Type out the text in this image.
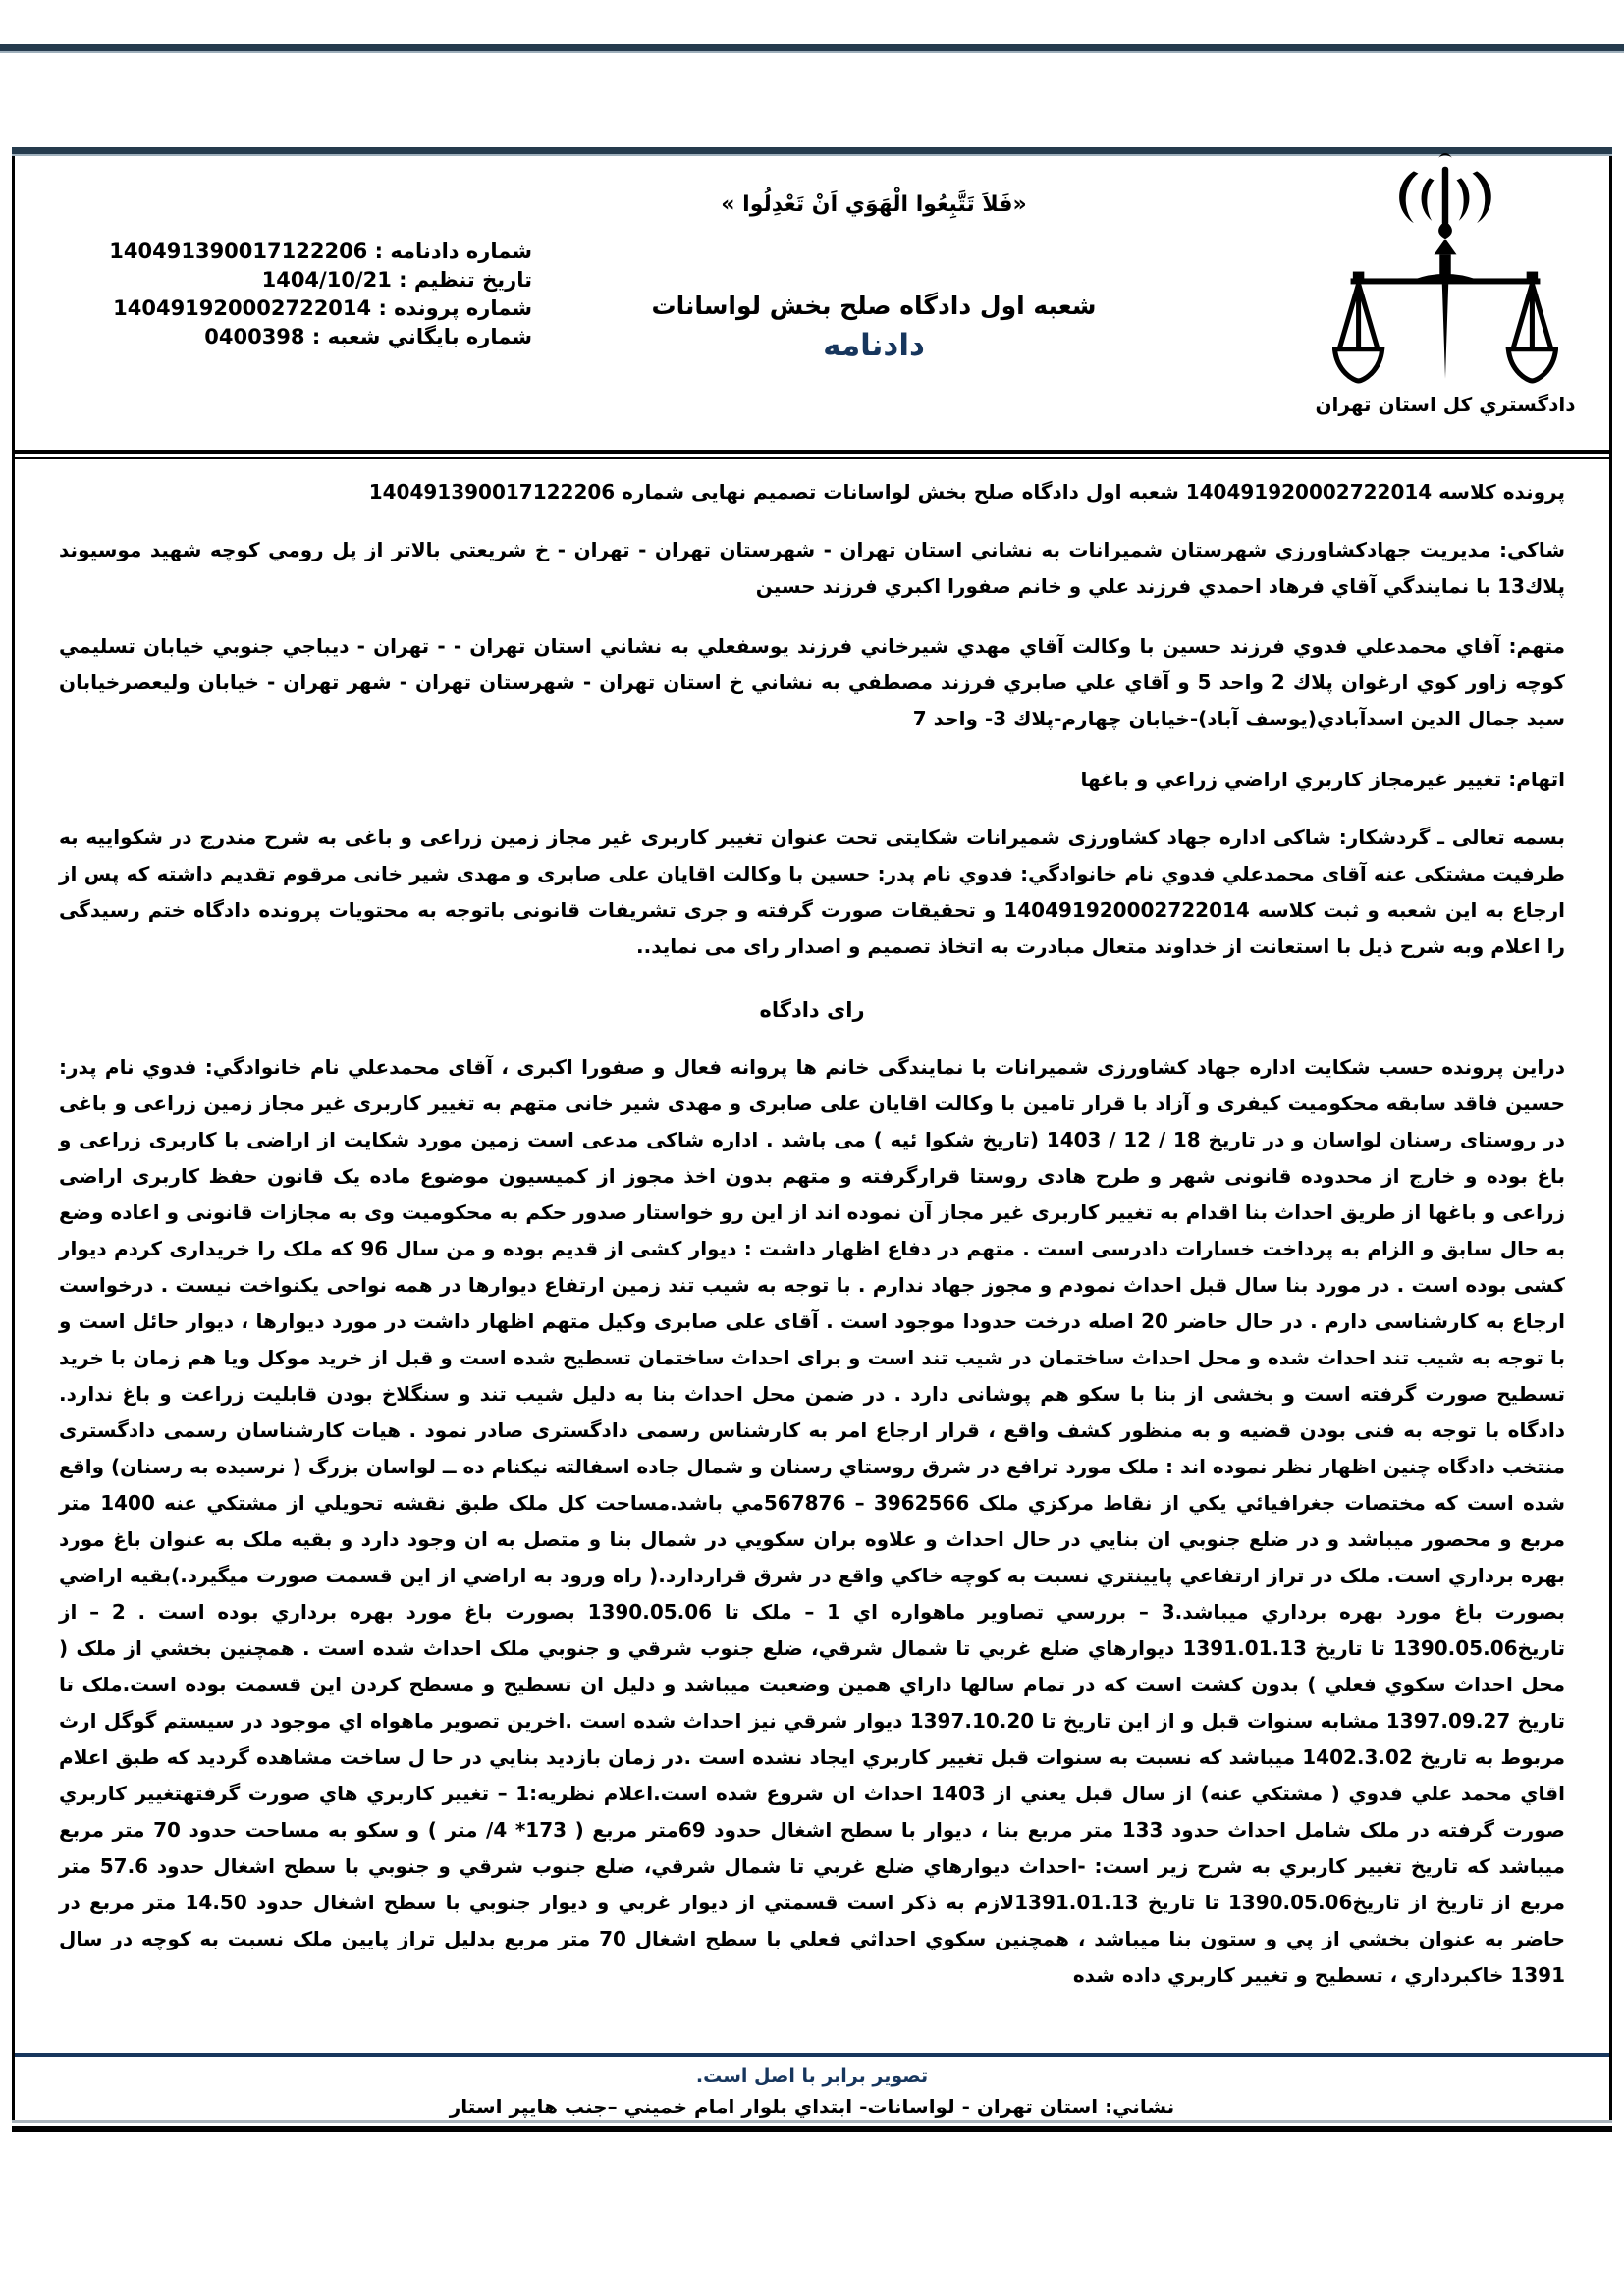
شماره دادنامه : 140491390017122206
تاريخ تنظيم : 1404/10/21
شماره پرونده : 140491920002722014
شماره بايگاني شعبه : 0400398
«فَلاَ تَتَّبِعُوا الْهَوَي اَنْ تَعْدِلُوا »
شعبه اول دادگاه صلح بخش لواسانات
دادنامه
دادگستري كل استان تهران

پرونده كلاسه 140491920002722014 شعبه اول دادگاه صلح بخش لواسانات تصميم نهايی شماره 140491390017122206

شاكي: مديريت جهادكشاورزي شهرستان شميرانات به نشاني استان تهران - شهرستان تهران - تهران - خ شريعتي بالاتر از پل رومي كوچه شهيد موسيوند پلاك13 با نمايندگي آقاي فرهاد احمدي فرزند علي و خانم صفورا اكبري فرزند حسين

متهم: آقاي محمدعلي فدوي فرزند حسين با وكالت آقاي مهدي شيرخاني فرزند يوسفعلي به نشاني استان تهران - - تهران - ديباجي جنوبي خيابان تسليمي كوچه زاور كوي ارغوان پلاك 2 واحد 5 و آقاي علي صابري فرزند مصطفي به نشاني خ استان تهران - شهرستان تهران - شهر تهران - خيابان وليعصرخيابان سيد جمال الدين اسدآبادي(يوسف آباد)-خيابان چهارم-پلاك 3- واحد 7

اتهام: تغيير غيرمجاز كاربري اراضي زراعي و باغها

بسمه تعالی ـ گردشكار: شاكی اداره جهاد كشاورزی شميرانات شكايتی تحت عنوان تغيير كاربری غير مجاز زمين زراعی و باغی به شرح مندرج در شكواييه به طرفيت مشتكی عنه آقای محمدعلي فدوي نام خانوادگي: فدوي نام پدر: حسين با وكالت اقايان علی صابری و مهدی شير خانی مرقوم تقديم داشته كه پس از ارجاع به اين شعبه و ثبت كلاسه 140491920002722014 و تحقيقات صورت گرفته و جری تشريفات قانونی باتوجه به محتويات پرونده دادگاه ختم رسيدگی را اعلام وبه شرح ذيل با استعانت از خداوند متعال مبادرت به اتخاذ تصميم و اصدار رای می نمايد..

رای دادگاه

دراين پرونده حسب شكايت اداره جهاد كشاورزی شميرانات با نمايندگی خانم ها پروانه فعال و صفورا اكبری ، آقای محمدعلي نام خانوادگي: فدوي نام پدر: حسين فاقد سابقه محكوميت كيفری و آزاد با قرار تامين با وكالت اقايان علی صابری و مهدی شير خانی متهم به تغيير كاربری غير مجاز زمين زراعی و باغی در روستای رسنان لواسان و در تاريخ 18 / 12 / 1403 (تاريخ شكوا ئيه ) می باشد . اداره شاكی مدعی است زمين مورد شكايت از اراضی با كاربری زراعی و باغ بوده و خارج از محدوده قانونی شهر و طرح هادی روستا قرارگرفته و متهم بدون اخذ مجوز از كميسيون موضوع ماده يک قانون حفظ كاربری اراضی زراعی و باغها از طريق احداث بنا اقدام به تغيير كاربری غير مجاز آن نموده اند از اين رو خواستار صدور حكم به محكوميت وی به مجازات قانونی و اعاده وضع به حال سابق و الزام به پرداخت خسارات دادرسی است . متهم در دفاع اظهار داشت : ديوار كشی از قديم بوده و من سال 96 كه ملک را خريداری كردم ديوار كشی بوده است . در مورد بنا سال قبل احداث نمودم و مجوز جهاد ندارم . با توجه به شيب تند زمين ارتفاع ديوارها در همه نواحی يكنواخت نيست . درخواست ارجاع به كارشناسی دارم . در حال حاضر 20 اصله درخت حدودا موجود است . آقای علی صابری وكيل متهم اظهار داشت در مورد ديوارها ، ديوار حائل است و با توجه به شيب تند احداث شده و محل احداث ساختمان در شيب تند است و برای احداث ساختمان تسطيح شده است و قبل از خريد موكل ويا هم زمان با خريد تسطيح صورت گرفته است و بخشی از بنا با سكو هم پوشانی دارد . در ضمن محل احداث بنا به دليل شيب تند و سنگلاخ بودن قابليت زراعت و باغ ندارد. دادگاه با توجه به فنی بودن قضيه و به منظور كشف واقع ، قرار ارجاع امر به كارشناس رسمی دادگستری صادر نمود . هيات كارشناسان رسمی دادگستری منتخب دادگاه چنين اظهار نظر نموده اند : ملک مورد ترافع در شرق روستاي رسنان و شمال جاده اسفالته نيكنام ده ــ لواسان بزرگ ( نرسيده به رسنان) واقع شده است كه مختصات جغرافيائي يكي از نقاط مركزي ملک 3962566 – 567876مي باشد.مساحت كل ملک طبق نقشه تحويلي از مشتكي عنه 1400 متر مربع و محصور ميباشد و در ضلع جنوبي ان بنايي در حال احداث و علاوه بران سكويي در شمال بنا و متصل به ان وجود دارد و بقيه ملک به عنوان باغ مورد بهره برداري است. ملک در تراز ارتفاعي پايينتري نسبت به كوچه خاكي واقع در شرق قراردارد.( راه ورود به اراضي از اين قسمت صورت ميگيرد.)بقيه اراضي بصورت باغ مورد بهره برداري ميباشد.3 – بررسي تصاوير ماهواره اي 1 – ملک تا 1390.05.06 بصورت باغ مورد بهره برداري بوده است . 2 – از تاريخ1390.05.06 تا تاريخ 1391.01.13 ديوارهاي ضلع غربي تا شمال شرقي، ضلع جنوب شرقي و جنوبي ملک احداث شده است . همچنين بخشي از ملک ( محل احداث سكوي فعلي ) بدون كشت است كه در تمام سالها داراي همين وضعيت ميباشد و دليل ان تسطيح و مسطح كردن اين قسمت بوده است.ملک تا تاريخ 1397.09.27 مشابه سنوات قبل و از اين تاريخ تا 1397.10.20 ديوار شرقي نيز احداث شده است .اخرين تصوير ماهواه اي موجود در سيستم گوگل ارث مربوط به تاريخ 1402.3.02 ميباشد كه نسبت به سنوات قبل تغيير كاربري ايجاد نشده است .در زمان بازديد بنايي در حا ل ساخت مشاهده گرديد كه طبق اعلام اقاي محمد علي فدوي ( مشتكي عنه) از سال قبل يعني از 1403 احداث ان شروع شده است.اعلام نظريه:1 – تغيير كاربري هاي صورت گرفتهتغيير كاربري صورت گرفته در ملک شامل احداث حدود 133 متر مربع بنا ، ديوار با سطح اشغال حدود 69متر مربع ( 173* 4/ متر ) و سكو به مساحت حدود 70 متر مربع ميباشد كه تاريخ تغيير كاربري به شرح زير است: -احداث ديوارهاي ضلع غربي تا شمال شرقي، ضلع جنوب شرقي و جنوبي با سطح اشغال حدود 57.6 متر مربع از تاريخ از تاريخ1390.05.06 تا تاريخ 1391.01.13لازم به ذكر است قسمتي از ديوار غربي و ديوار جنوبي با سطح اشغال حدود 14.50 متر مربع در حاضر به عنوان بخشي از پي و ستون بنا ميباشد ، همچنين سكوي احداثي فعلي با سطح اشغال 70 متر مربع بدليل تراز پايين ملک نسبت به كوچه در سال 1391 خاكبرداري ، تسطيح و تغيير كاربري داده شده

تصوير برابر با اصل است.
نشاني: استان تهران - لواسانات- ابتداي بلوار امام خميني –جنب هايپر استار
